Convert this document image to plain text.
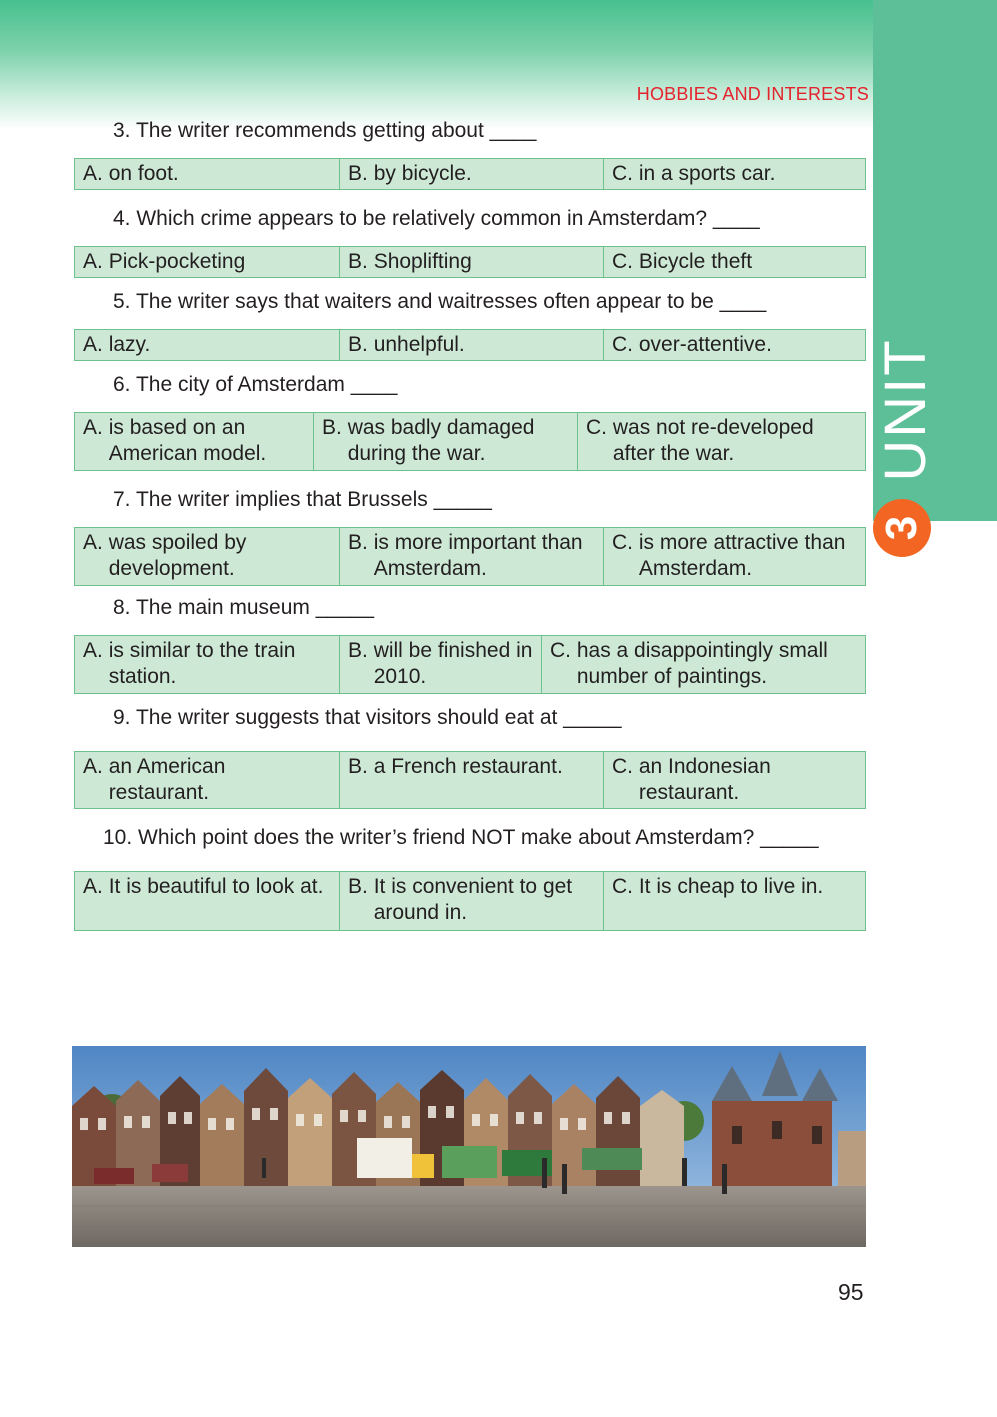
HOBBIES AND INTERESTS
UNIT
3
3. The writer recommends getting about ____
A.
on foot.	B.
by bicycle.	C.
in a sports car.
4. Which crime appears to be relatively common in Amsterdam? ____
A.
Pick-pocketing	B.
Shoplifting	C.
Bicycle theft
5. The writer says that waiters and waitresses often appear to be ____
A.
lazy.	B.
unhelpful.	C.
over-attentive.
6. The city of Amsterdam ____
A.
is based on an American model.
B.
was badly damaged during the war.
C.
was not re-developed after the war.
7. The writer implies that Brussels _____
A.
was spoiled by development.
B.
is more important than Amsterdam.
C.
is more attractive than Amsterdam.
8. The main museum _____
A.
is similar to the train station.
B.
will be finished in 2010.
C.
has a disappointingly small number of paintings.
9. The writer suggests that visitors should eat at _____
A.
an American restaurant.
B.
a French restaurant.	C.
an Indonesian restaurant.
10. Which point does the writer’s friend NOT make about Amsterdam? _____
A.
It is beautiful to look at.	B.
It is convenient to get around in.
C.
It is cheap to live in.
95
